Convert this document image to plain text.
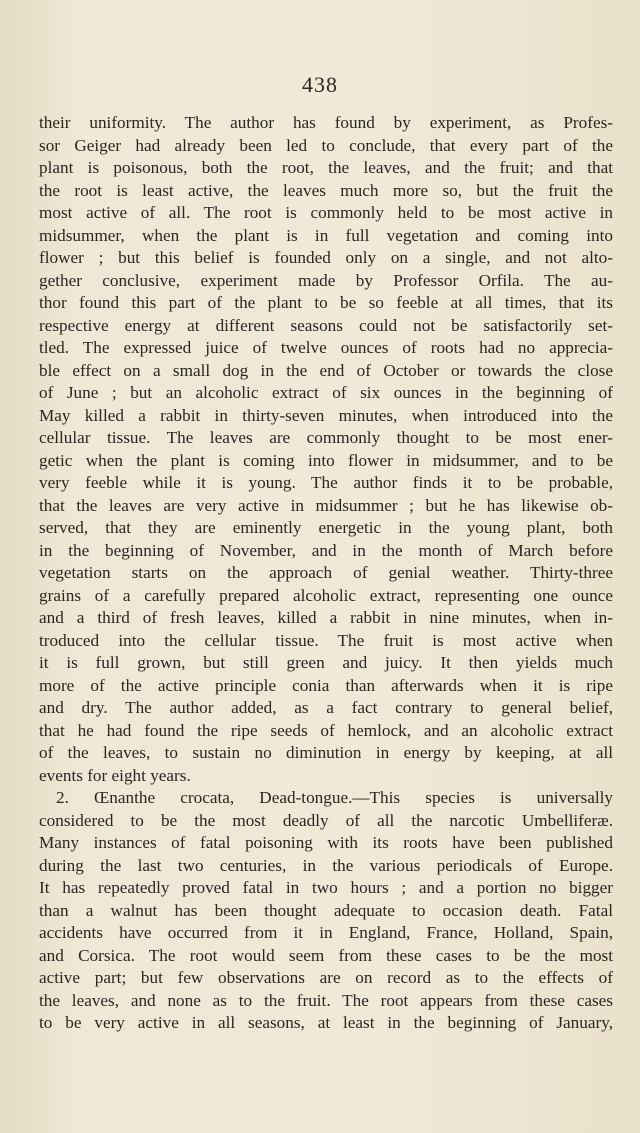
438
their uniformity. The author has found by experiment, as Profes-
sor Geiger had already been led to conclude, that every part of the
plant is poisonous, both the root, the leaves, and the fruit; and that
the root is least active, the leaves much more so, but the fruit the
most active of all. The root is commonly held to be most active in
midsummer, when the plant is in full vegetation and coming into
flower ; but this belief is founded only on a single, and not alto-
gether conclusive, experiment made by Professor Orfila. The au-
thor found this part of the plant to be so feeble at all times, that its
respective energy at different seasons could not be satisfactorily set-
tled. The expressed juice of twelve ounces of roots had no apprecia-
ble effect on a small dog in the end of October or towards the close
of June ; but an alcoholic extract of six ounces in the beginning of
May killed a rabbit in thirty-seven minutes, when introduced into the
cellular tissue. The leaves are commonly thought to be most ener-
getic when the plant is coming into flower in midsummer, and to be
very feeble while it is young. The author finds it to be probable,
that the leaves are very active in midsummer ; but he has likewise ob-
served, that they are eminently energetic in the young plant, both
in the beginning of November, and in the month of March before
vegetation starts on the approach of genial weather. Thirty-three
grains of a carefully prepared alcoholic extract, representing one ounce
and a third of fresh leaves, killed a rabbit in nine minutes, when in-
troduced into the cellular tissue. The fruit is most active when
it is full grown, but still green and juicy. It then yields much
more of the active principle conia than afterwards when it is ripe
and dry. The author added, as a fact contrary to general belief,
that he had found the ripe seeds of hemlock, and an alcoholic extract
of the leaves, to sustain no diminution in energy by keeping, at all
events for eight years.
2. Œnanthe crocata, Dead-tongue.—This species is universally
considered to be the most deadly of all the narcotic Umbelliferæ.
Many instances of fatal poisoning with its roots have been published
during the last two centuries, in the various periodicals of Europe.
It has repeatedly proved fatal in two hours ; and a portion no bigger
than a walnut has been thought adequate to occasion death. Fatal
accidents have occurred from it in England, France, Holland, Spain,
and Corsica. The root would seem from these cases to be the most
active part; but few observations are on record as to the effects of
the leaves, and none as to the fruit. The root appears from these cases
to be very active in all seasons, at least in the beginning of January,
